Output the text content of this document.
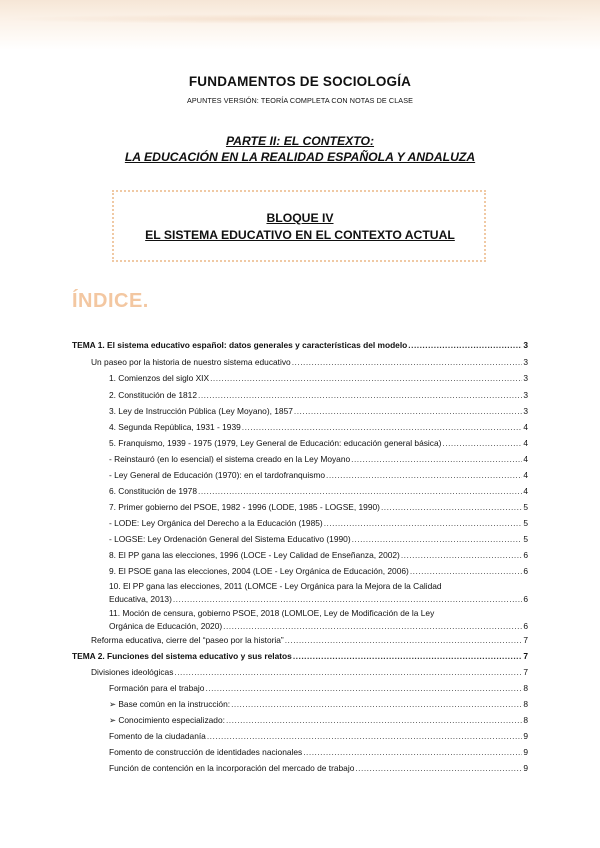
FUNDAMENTOS DE SOCIOLOGÍA
APUNTES VERSIÓN: TEORÍA COMPLETA CON NOTAS DE CLASE
PARTE II: EL CONTEXTO:
LA EDUCACIÓN EN LA REALIDAD ESPAÑOLA Y ANDALUZA
BLOQUE IV
EL SISTEMA EDUCATIVO EN EL CONTEXTO ACTUAL
ÍNDICE.
TEMA 1. El sistema educativo español: datos generales y características del modelo .....	3
Un paseo por la historia de nuestro sistema educativo .....	3
1. Comienzos del siglo XIX .....	3
2. Constitución de 1812 .....	3
3. Ley de Instrucción Pública (Ley Moyano), 1857 .....	3
4. Segunda República, 1931 - 1939 .....	4
5. Franquismo, 1939 - 1975 (1979, Ley General de Educación: educación general básica) .....	4
- Reinstauró (en lo esencial) el sistema creado en la Ley Moyano .....	4
- Ley General de Educación (1970): en el tardofranquismo .....	4
6. Constitución de 1978 .....	4
7. Primer gobierno del PSOE, 1982 - 1996 (LODE, 1985 - LOGSE, 1990) .....	5
- LODE: Ley Orgánica del Derecho a la Educación (1985) .....	5
- LOGSE: Ley Ordenación General del Sistema Educativo (1990) .....	5
8. El PP gana las elecciones, 1996 (LOCE - Ley Calidad de Enseñanza, 2002) .....	6
9. El PSOE gana las elecciones, 2004 (LOE - Ley Orgánica de Educación, 2006) .....	6
10. El PP gana las elecciones, 2011 (LOMCE - Ley Orgánica para la Mejora de la Calidad
Educativa, 2013) .....	6
11. Moción de censura, gobierno PSOE, 2018 (LOMLOE, Ley de Modificación de la Ley
Orgánica de Educación, 2020) .....	6
Reforma educativa, cierre del “paseo por la historia” .....	7
TEMA 2. Funciones del sistema educativo y sus relatos .....	7
Divisiones ideológicas .....	7
Formación para el trabajo .....	8
➢ Base común en la instrucción: .....	8
➢ Conocimiento especializado: .....	8
Fomento de la ciudadanía .....	9
Fomento de construcción de identidades nacionales .....	9
Función de contención en la incorporación del mercado de trabajo .....	9
